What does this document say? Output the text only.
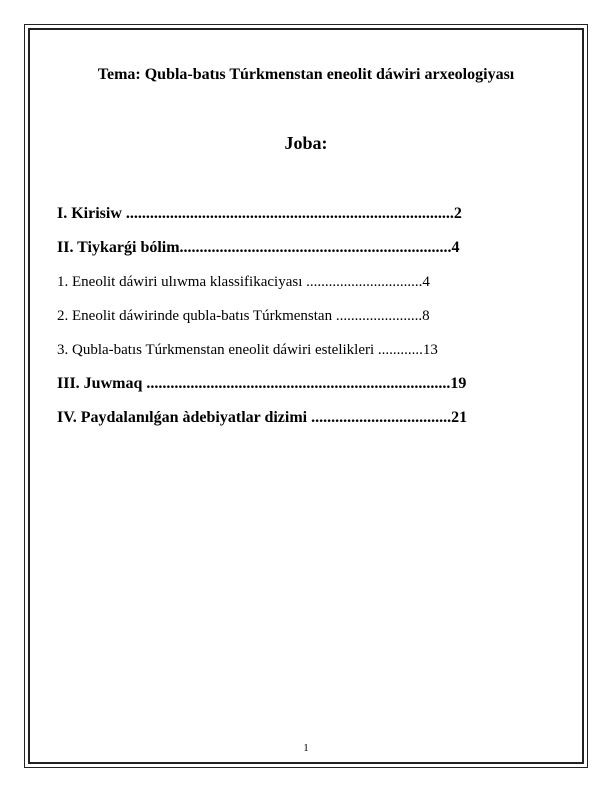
Tema: Qubla-batıs Túrkmenstan eneolit dáwiri arxeologiyası
Joba:
I. Kirisiw ..................................................................................2
II. Tiykarǵi bólim....................................................................4
1. Eneolit dáwiri ulıwma klassifikaciyası ...............................4
2. Eneolit dáwirinde qubla-batıs Túrkmenstan .......................8
3. Qubla-batıs Túrkmenstan eneolit dáwiri estelikleri ............13
III. Juwmaq ............................................................................19
IV. Paydalanılǵan àdebiyatlar dizimi ...................................21
1
